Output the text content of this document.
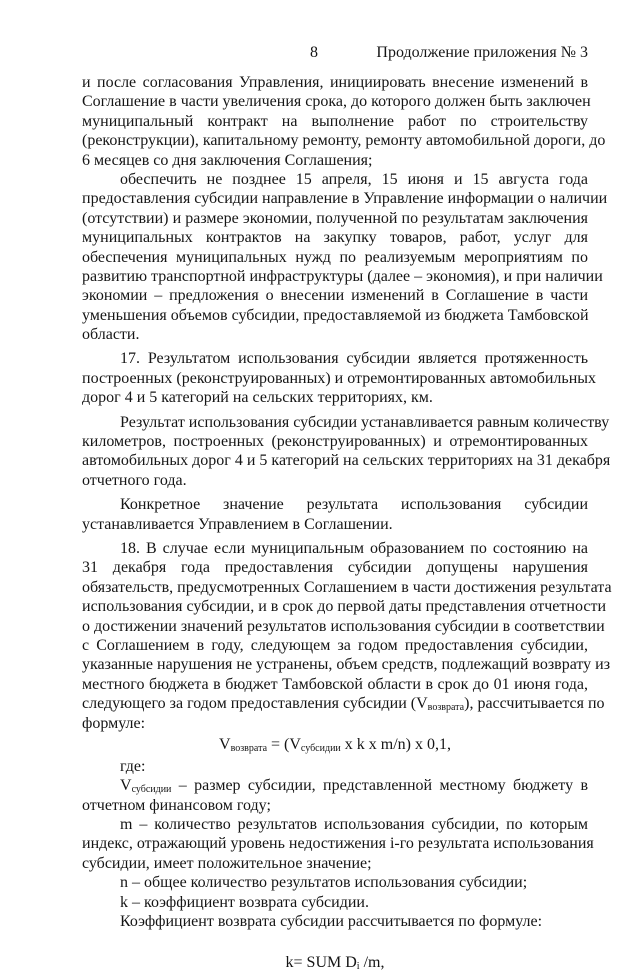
8	Продолжение приложения № 3
и после согласования Управления, инициировать внесение изменений в
Соглашение в части увеличения срока, до которого должен быть заключен
муниципальный контракт на выполнение работ по строительству
(реконструкции), капитальному ремонту, ремонту автомобильной дороги, до
6 месяцев со дня заключения Соглашения;
обеспечить не позднее 15 апреля, 15 июня и 15 августа года
предоставления субсидии направление в Управление информации о наличии
(отсутствии) и размере экономии, полученной по результатам заключения
муниципальных контрактов на закупку товаров, работ, услуг для
обеспечения муниципальных нужд по реализуемым мероприятиям по
развитию транспортной инфраструктуры (далее – экономия), и при наличии
экономии – предложения о внесении изменений в Соглашение в части
уменьшения объемов субсидии, предоставляемой из бюджета Тамбовской
области.
17. Результатом использования субсидии является протяженность
построенных (реконструированных) и отремонтированных автомобильных
дорог 4 и 5 категорий на сельских территориях, км.
Результат использования субсидии устанавливается равным количеству
километров, построенных (реконструированных) и отремонтированных
автомобильных дорог 4 и 5 категорий на сельских территориях на 31 декабря
отчетного года.
Конкретное значение результата использования субсидии
устанавливается Управлением в Соглашении.
18. В случае если муниципальным образованием по состоянию на
31 декабря года предоставления субсидии допущены нарушения
обязательств, предусмотренных Соглашением в части достижения результата
использования субсидии, и в срок до первой даты представления отчетности
о достижении значений результатов использования субсидии в соответствии
с Соглашением в году, следующем за годом предоставления субсидии,
указанные нарушения не устранены, объем средств, подлежащий возврату из
местного бюджета в бюджет Тамбовской области в срок до 01 июня года,
следующего за годом предоставления субсидии $(V_{возврата})$, рассчитывается по
формуле:
$V_{возврата} = (V_{субсидии}$ x k x m/n) x 0,1,
где:
$V_{субсидии}$ – размер субсидии, представленной местному бюджету в
отчетном финансовом году;
m – количество результатов использования субсидии, по которым
индекс, отражающий уровень недостижения i-го результата использования
субсидии, имеет положительное значение;
n – общее количество результатов использования субсидии;
k – коэффициент возврата субсидии.
Коэффициент возврата субсидии рассчитывается по формуле:
k= SUM $D_i$ /m,
